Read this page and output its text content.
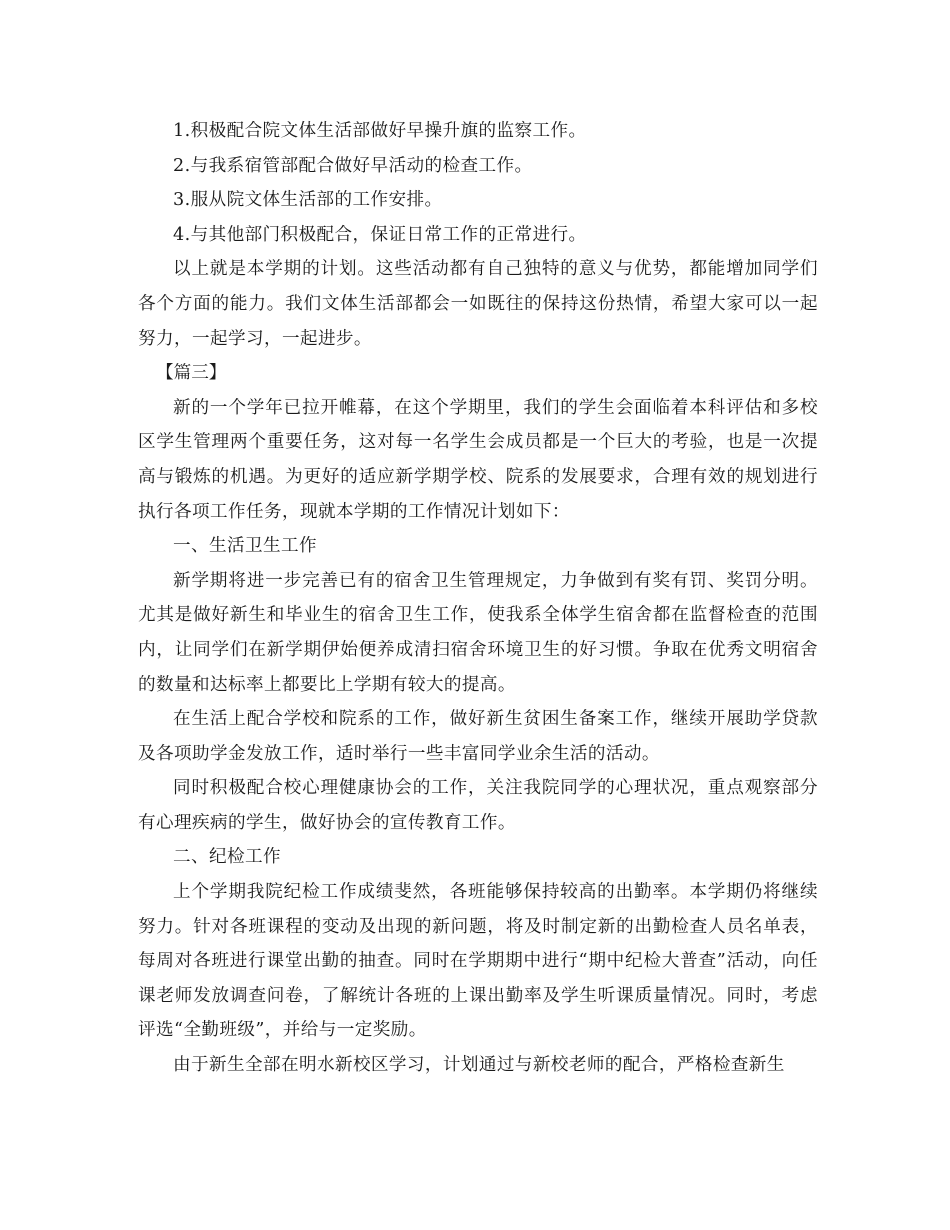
1.积极配合院文体生活部做好早操升旗的监察工作。

2.与我系宿管部配合做好早活动的检查工作。

3.服从院文体生活部的工作安排。

4.与其他部门积极配合，保证日常工作的正常进行。

以上就是本学期的计划。这些活动都有自己独特的意义与优势，都能增加同学们各个方面的能力。我们文体生活部都会一如既往的保持这份热情，希望大家可以一起努力，一起学习，一起进步。

【篇三】

新的一个学年已拉开帷幕，在这个学期里，我们的学生会面临着本科评估和多校区学生管理两个重要任务，这对每一名学生会成员都是一个巨大的考验，也是一次提高与锻炼的机遇。为更好的适应新学期学校、院系的发展要求，合理有效的规划进行执行各项工作任务，现就本学期的工作情况计划如下：

一、生活卫生工作

新学期将进一步完善已有的宿舍卫生管理规定，力争做到有奖有罚、奖罚分明。尤其是做好新生和毕业生的宿舍卫生工作，使我系全体学生宿舍都在监督检查的范围内，让同学们在新学期伊始便养成清扫宿舍环境卫生的好习惯。争取在优秀文明宿舍的数量和达标率上都要比上学期有较大的提高。

在生活上配合学校和院系的工作，做好新生贫困生备案工作，继续开展助学贷款及各项助学金发放工作，适时举行一些丰富同学业余生活的活动。

同时积极配合校心理健康协会的工作，关注我院同学的心理状况，重点观察部分有心理疾病的学生，做好协会的宣传教育工作。

二、纪检工作

上个学期我院纪检工作成绩斐然，各班能够保持较高的出勤率。本学期仍将继续努力。针对各班课程的变动及出现的新问题，将及时制定新的出勤检查人员名单表，每周对各班进行课堂出勤的抽查。同时在学期期中进行“期中纪检大普查”活动，向任课老师发放调查问卷，了解统计各班的上课出勤率及学生听课质量情况。同时，考虑评选“全勤班级”，并给与一定奖励。

由于新生全部在明水新校区学习，计划通过与新校老师的配合，严格检查新生
